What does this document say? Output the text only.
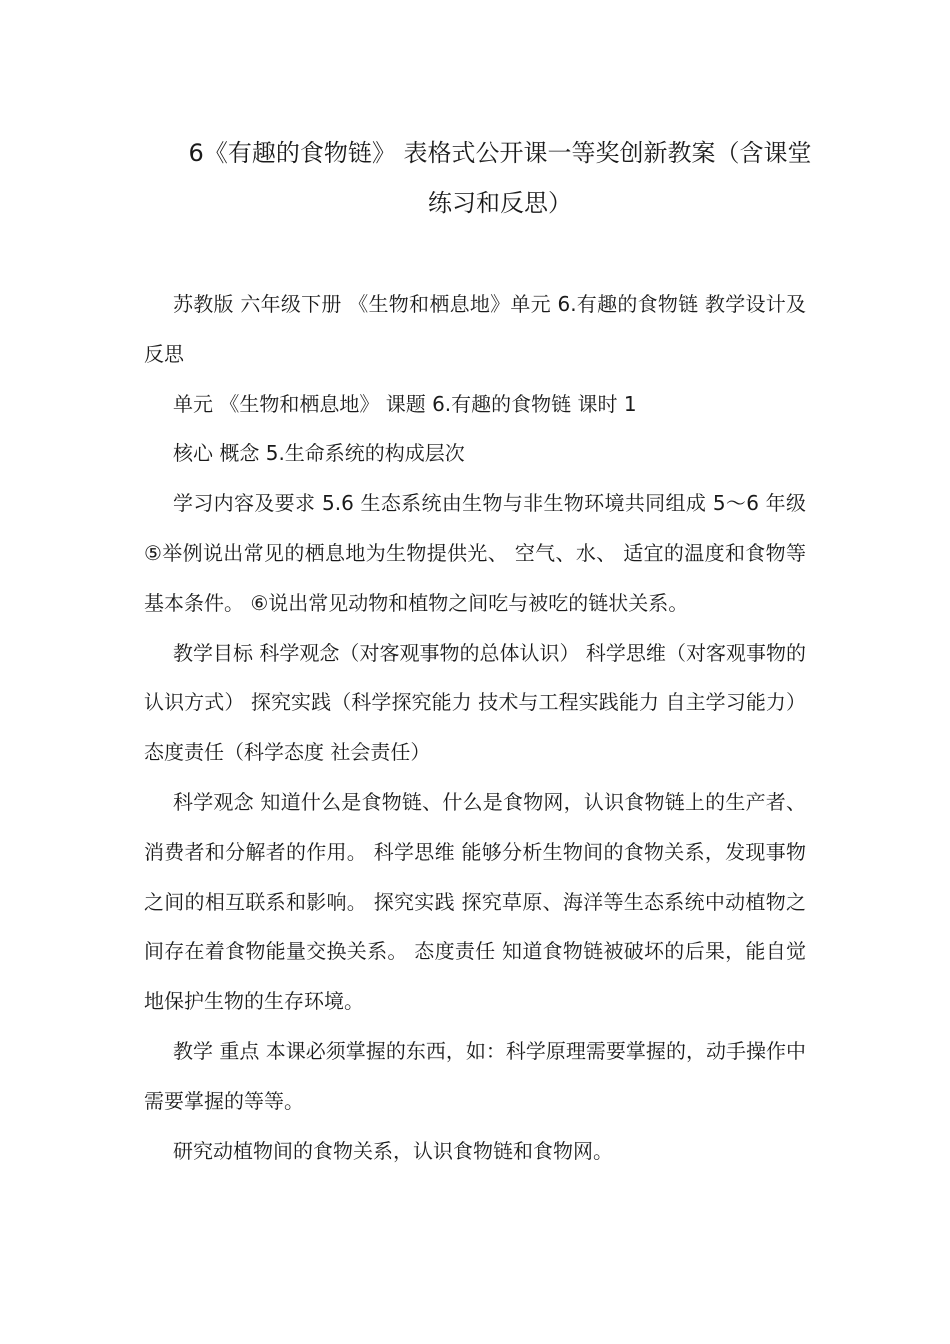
6《有趣的食物链》 表格式公开课一等奖创新教案（含课堂练习和反思）

苏教版 六年级下册 《生物和栖息地》单元 6.有趣的食物链 教学设计及反思

单元 《生物和栖息地》 课题 6.有趣的食物链 课时 1

核心 概念 5.生命系统的构成层次

学习内容及要求 5.6 生态系统由生物与非生物环境共同组成 5～6 年级⑤举例说出常见的栖息地为生物提供光、 空气、水、 适宜的温度和食物等基本条件。 ⑥说出常见动物和植物之间吃与被吃的链状关系。

教学目标 科学观念（对客观事物的总体认识） 科学思维（对客观事物的认识方式） 探究实践（科学探究能力 技术与工程实践能力 自主学习能力） 态度责任（科学态度 社会责任）

科学观念 知道什么是食物链、什么是食物网，认识食物链上的生产者、消费者和分解者的作用。 科学思维 能够分析生物间的食物关系，发现事物之间的相互联系和影响。 探究实践 探究草原、海洋等生态系统中动植物之间存在着食物能量交换关系。 态度责任 知道食物链被破坏的后果，能自觉地保护生物的生存环境。

教学 重点 本课必须掌握的东西，如：科学原理需要掌握的，动手操作中需要掌握的等等。

研究动植物间的食物关系，认识食物链和食物网。
